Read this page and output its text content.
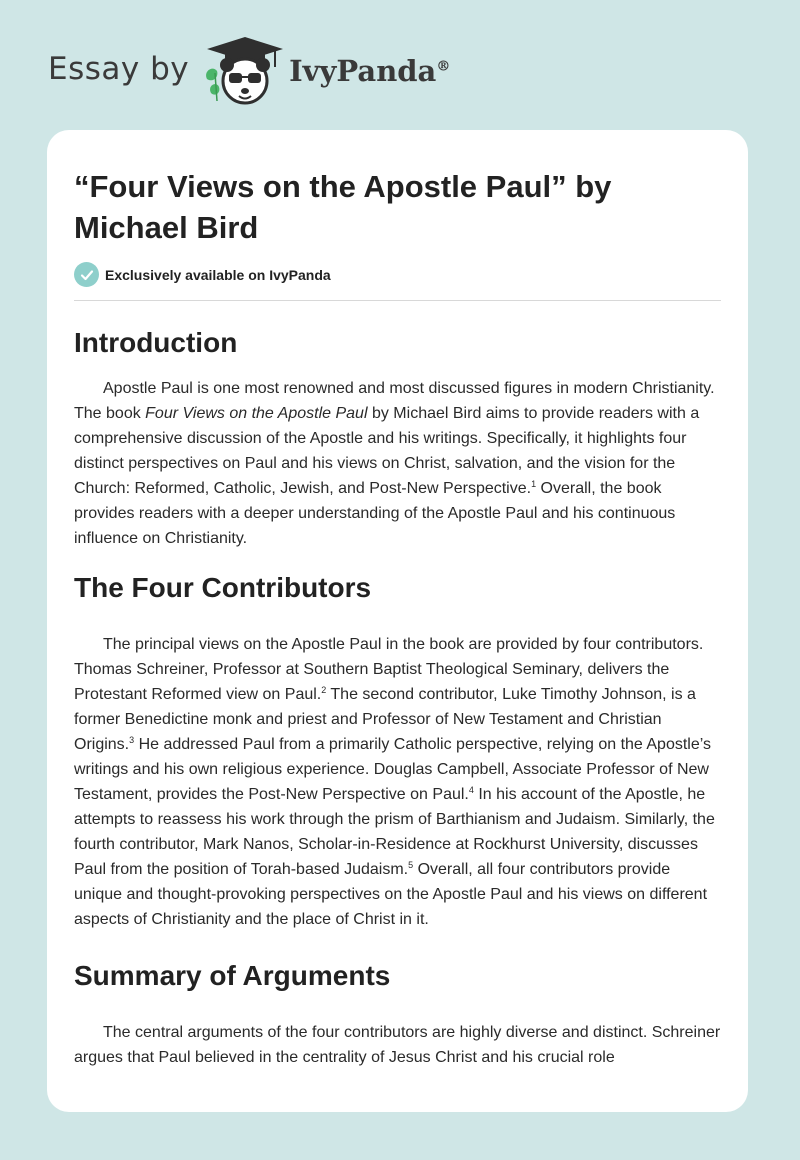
Essay by	IvyPanda®
“Four Views on the Apostle Paul” by Michael Bird
Exclusively available on IvyPanda
Introduction

Apostle Paul is one most renowned and most discussed figures in modern Christianity. The book Four Views on the Apostle Paul by Michael Bird aims to provide readers with a comprehensive discussion of the Apostle and his writings. Specifically, it highlights four distinct perspectives on Paul and his views on Christ, salvation, and the vision for the Church: Reformed, Catholic, Jewish, and Post-New Perspective.$^1$ Overall, the book provides readers with a deeper understanding of the Apostle Paul and his continuous influence on Christianity.

The Four Contributors

The principal views on the Apostle Paul in the book are provided by four contributors. Thomas Schreiner, Professor at Southern Baptist Theological Seminary, delivers the Protestant Reformed view on Paul.$^2$ The second contributor, Luke Timothy Johnson, is a former Benedictine monk and priest and Professor of New Testament and Christian Origins.$^3$ He addressed Paul from a primarily Catholic perspective, relying on the Apostle’s writings and his own religious experience. Douglas Campbell, Associate Professor of New Testament, provides the Post-New Perspective on Paul.$^4$ In his account of the Apostle, he attempts to reassess his work through the prism of Barthianism and Judaism. Similarly, the fourth contributor, Mark Nanos, Scholar-in-Residence at Rockhurst University, discusses Paul from the position of Torah-based Judaism.$^5$ Overall, all four contributors provide unique and thought-provoking perspectives on the Apostle Paul and his views on different aspects of Christianity and the place of Christ in it.

Summary of Arguments

The central arguments of the four contributors are highly diverse and distinct. Schreiner argues that Paul believed in the centrality of Jesus Christ and his crucial role
